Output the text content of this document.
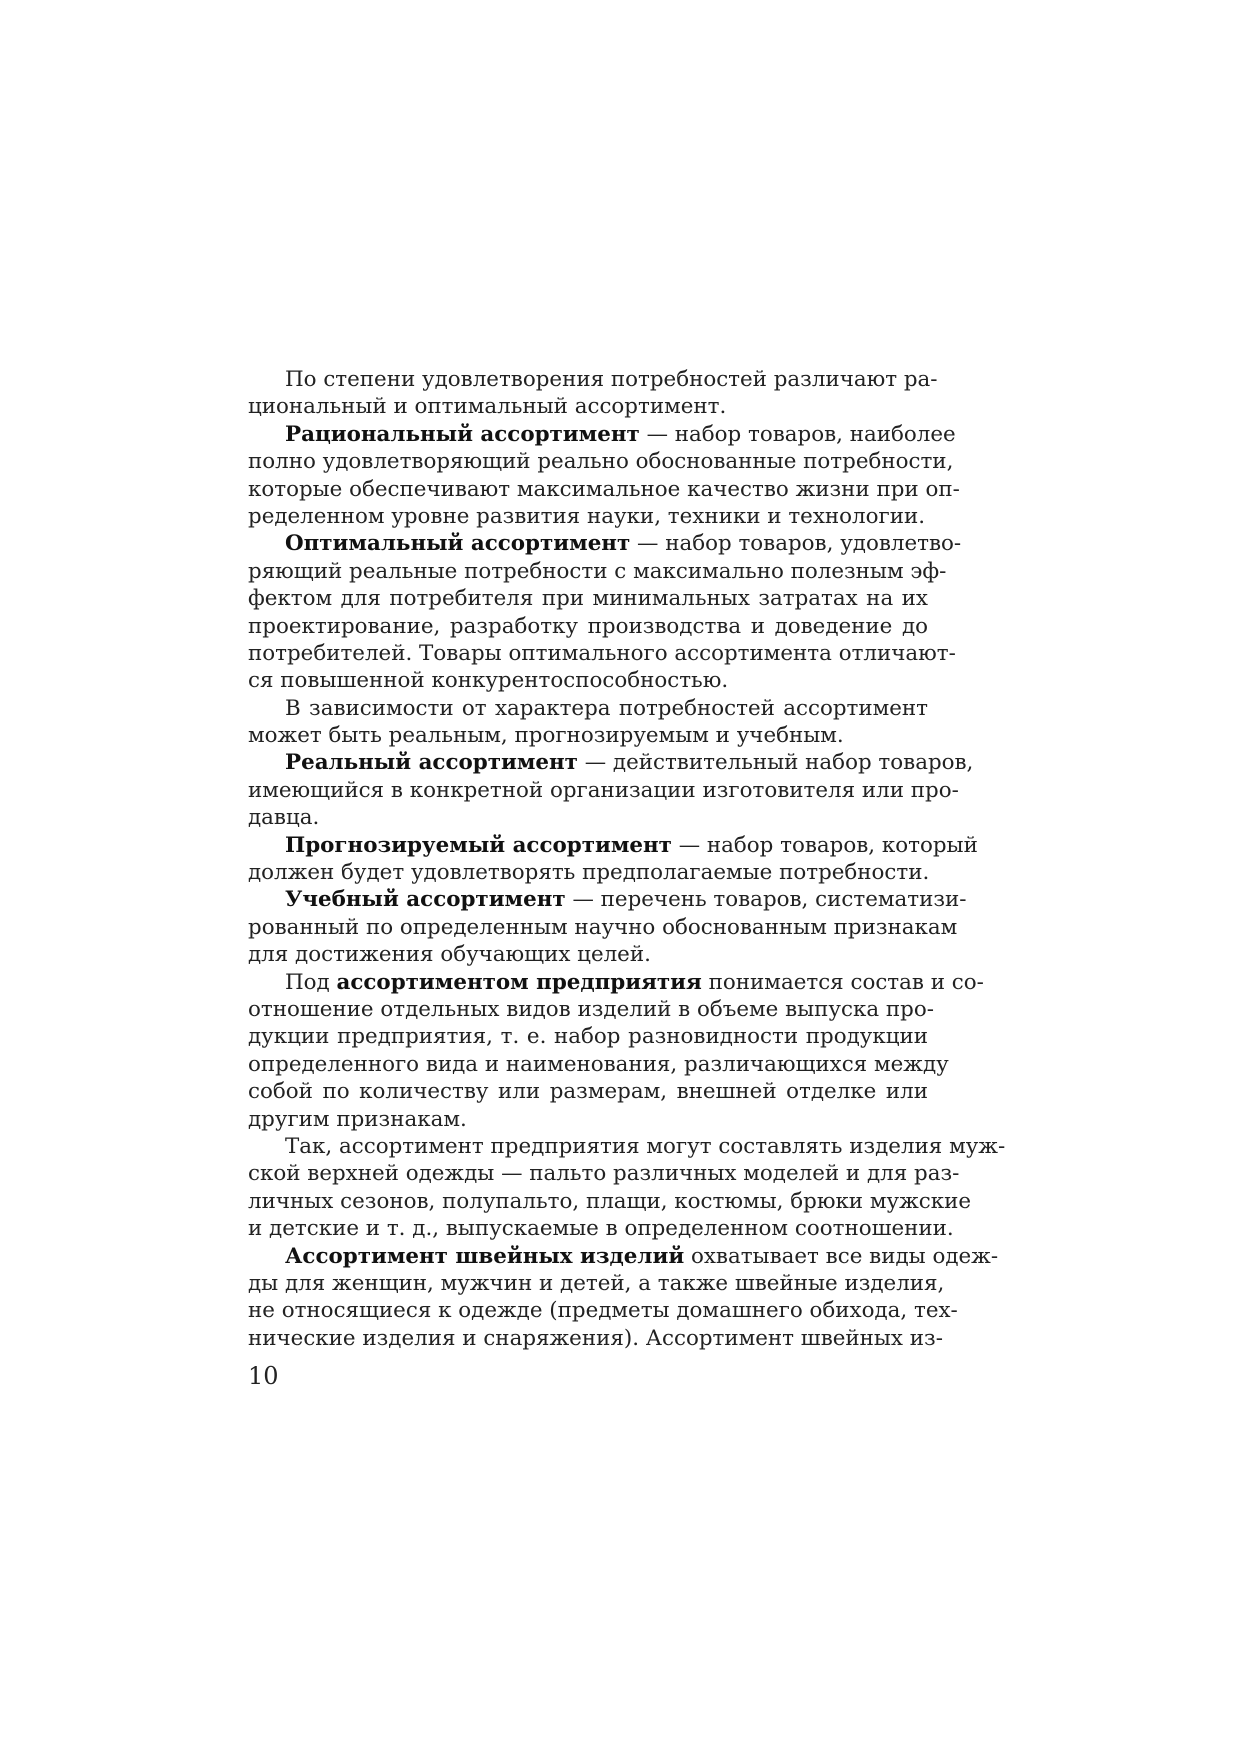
По степени удовлетворения потребностей различают ра-
циональный и оптимальный ассортимент.
Рациональный ассортимент — набор товаров, наиболее
полно удовлетворяющий реально обоснованные потребности,
которые обеспечивают максимальное качество жизни при оп-
ределенном уровне развития науки, техники и технологии.
Оптимальный ассортимент — набор товаров, удовлетво-
ряющий реальные потребности с максимально полезным эф-
фектом для потребителя при минимальных затратах на их
проектирование, разработку производства и доведение до
потребителей. Товары оптимального ассортимента отличают-
ся повышенной конкурентоспособностью.
В зависимости от характера потребностей ассортимент
может быть реальным, прогнозируемым и учебным.
Реальный ассортимент — действительный набор товаров,
имеющийся в конкретной организации изготовителя или про-
давца.
Прогнозируемый ассортимент — набор товаров, который
должен будет удовлетворять предполагаемые потребности.
Учебный ассортимент — перечень товаров, систематизи-
рованный по определенным научно обоснованным признакам
для достижения обучающих целей.
Под ассортиментом предприятия понимается состав и со-
отношение отдельных видов изделий в объеме выпуска про-
дукции предприятия, т. е. набор разновидности продукции
определенного вида и наименования, различающихся между
собой по количеству или размерам, внешней отделке или
другим признакам.
Так, ассортимент предприятия могут составлять изделия муж-
ской верхней одежды — пальто различных моделей и для раз-
личных сезонов, полупальто, плащи, костюмы, брюки мужские
и детские и т. д., выпускаемые в определенном соотношении.
Ассортимент швейных изделий охватывает все виды одеж-
ды для женщин, мужчин и детей, а также швейные изделия,
не относящиеся к одежде (предметы домашнего обихода, тех-
нические изделия и снаряжения). Ассортимент швейных из-
10
